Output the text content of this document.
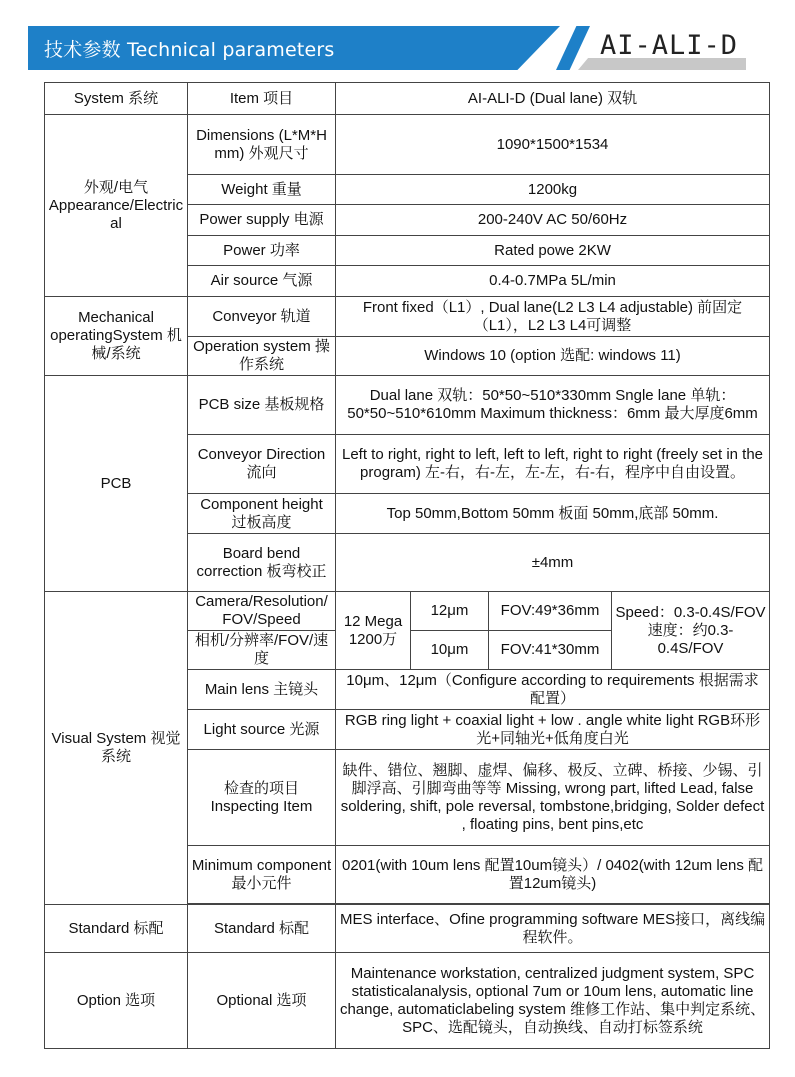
技术参数 Technical parameters	AI-ALI-D
System 系统	Item 项目	AI-ALI-D (Dual lane) 双轨			
外观/电气 Appearance/Electrical	Dimensions (L*M*H mm) 外观尺寸	1090*1500*1534			
	Weight 重量	1200kg			
	Power supply 电源	200-240V AC 50/60Hz			
	Power 功率	Rated powe 2KW			
	Air source 气源	0.4-0.7MPa 5L/min			
Mechanical operatingSystem 机械/系统	Conveyor 轨道	Front fixed（L1）, Dual lane(L2 L3 L4 adjustable) 前固定（L1），L2 L3 L4可调整			
	Operation system 操作系统	Windows 10 (option 选配: windows 11)			
PCB	PCB size 基板规格	Dual lane 双轨：50*50~510*330mm Sngle lane 单轨：50*50~510*610mm Maximum thickness：6mm 最大厚度6mm			
	Conveyor Direction 流向	Left to right, right to left, left to left, right to right (freely set in the program) 左-右，右-左，左-左，右-右，程序中自由设置。			
	Component height 过板高度	Top 50mm,Bottom 50mm 板面 50mm,底部 50mm.			
	Board bend correction 板弯校正	±4mm			
Visual System 视觉系统	Camera/Resolution/FOV/Speed	12 Mega 1200万	12μm	FOV:49*36mm	Speed：0.3-0.4S/FOV 速度：约0.3-0.4S/FOV
	相机/分辨率/FOV/速度		10μm	FOV:41*30mm	
	Main lens 主镜头	10μm、12μm（Configure according to requirements 根据需求配置）			
	Light source 光源	RGB ring light + coaxial light + low . angle white light RGB环形光+同轴光+低角度白光			
	检查的项目 Inspecting Item	缺件、错位、翘脚、虚焊、偏移、极反、立碑、桥接、少锡、引脚浮高、引脚弯曲等等 Missing, wrong part, lifted Lead, false soldering, shift, pole reversal, tombstone,bridging, Solder defect , floating pins, bent pins,etc			
	Minimum component 最小元件	0201(with 10um lens 配置10um镜头）/ 0402(with 12um lens 配置12um镜头)			

Standard 标配	Standard 标配	MES interface、Ofine programming software MES接口，离线编程软件。			
Option 选项	Optional 选项	Maintenance workstation, centralized judgment system, SPC statisticalanalysis, optional 7um or 10um lens, automatic line change, automaticlabeling system 维修工作站、集中判定系统、SPC、选配镜头，自动换线、自动打标签系统			
